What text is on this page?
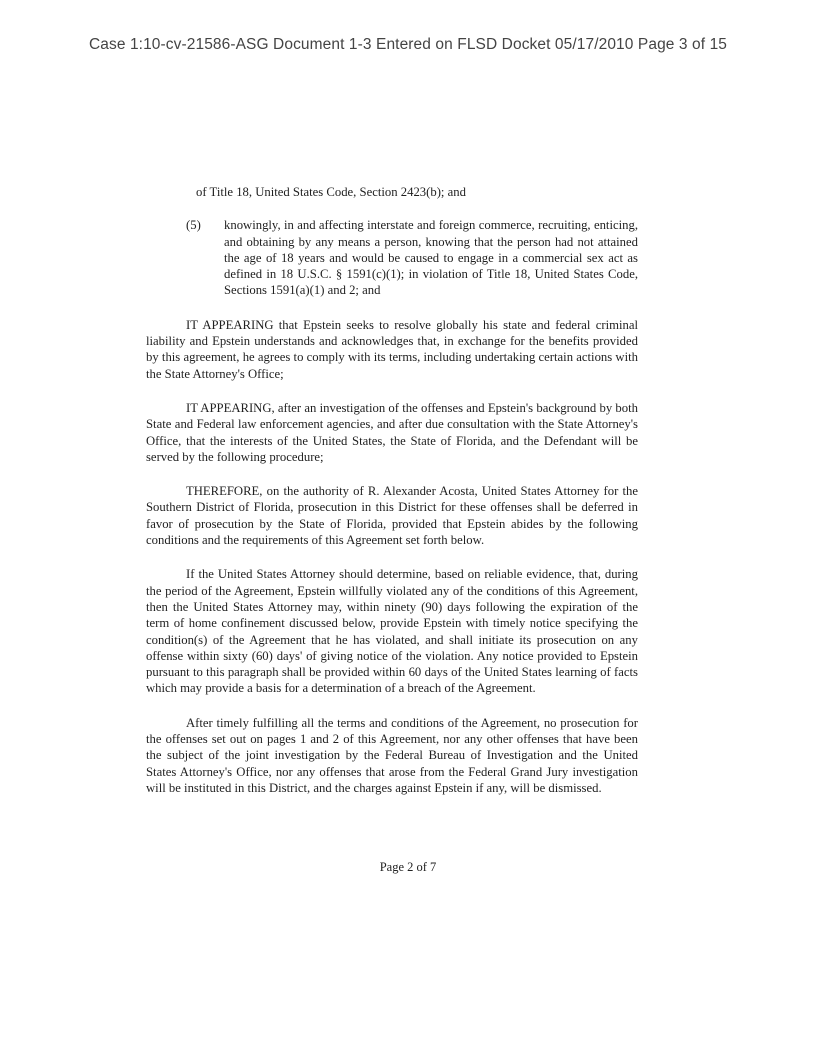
Case 1:10-cv-21586-ASG Document 1-3 Entered on FLSD Docket 05/17/2010 Page 3 of 15
of Title 18, United States Code, Section 2423(b); and
(5)	knowingly, in and affecting interstate and foreign commerce, recruiting, enticing, and obtaining by any means a person, knowing that the person had not attained the age of 18 years and would be caused to engage in a commercial sex act as defined in 18 U.S.C. § 1591(c)(1); in violation of Title 18, United States Code, Sections 1591(a)(1) and 2; and

IT APPEARING that Epstein seeks to resolve globally his state and federal criminal liability and Epstein understands and acknowledges that, in exchange for the benefits provided by this agreement, he agrees to comply with its terms, including undertaking certain actions with the State Attorney's Office;

IT APPEARING, after an investigation of the offenses and Epstein's background by both State and Federal law enforcement agencies, and after due consultation with the State Attorney's Office, that the interests of the United States, the State of Florida, and the Defendant will be served by the following procedure;

THEREFORE, on the authority of R. Alexander Acosta, United States Attorney for the Southern District of Florida, prosecution in this District for these offenses shall be deferred in favor of prosecution by the State of Florida, provided that Epstein abides by the following conditions and the requirements of this Agreement set forth below.

If the United States Attorney should determine, based on reliable evidence, that, during the period of the Agreement, Epstein willfully violated any of the conditions of this Agreement, then the United States Attorney may, within ninety (90) days following the expiration of the term of home confinement discussed below, provide Epstein with timely notice specifying the condition(s) of the Agreement that he has violated, and shall initiate its prosecution on any offense within sixty (60) days' of giving notice of the violation. Any notice provided to Epstein pursuant to this paragraph shall be provided within 60 days of the United States learning of facts which may provide a basis for a determination of a breach of the Agreement.

After timely fulfilling all the terms and conditions of the Agreement, no prosecution for the offenses set out on pages 1 and 2 of this Agreement, nor any other offenses that have been the subject of the joint investigation by the Federal Bureau of Investigation and the United States Attorney's Office, nor any offenses that arose from the Federal Grand Jury investigation will be instituted in this District, and the charges against Epstein if any, will be dismissed.

Page 2 of 7
